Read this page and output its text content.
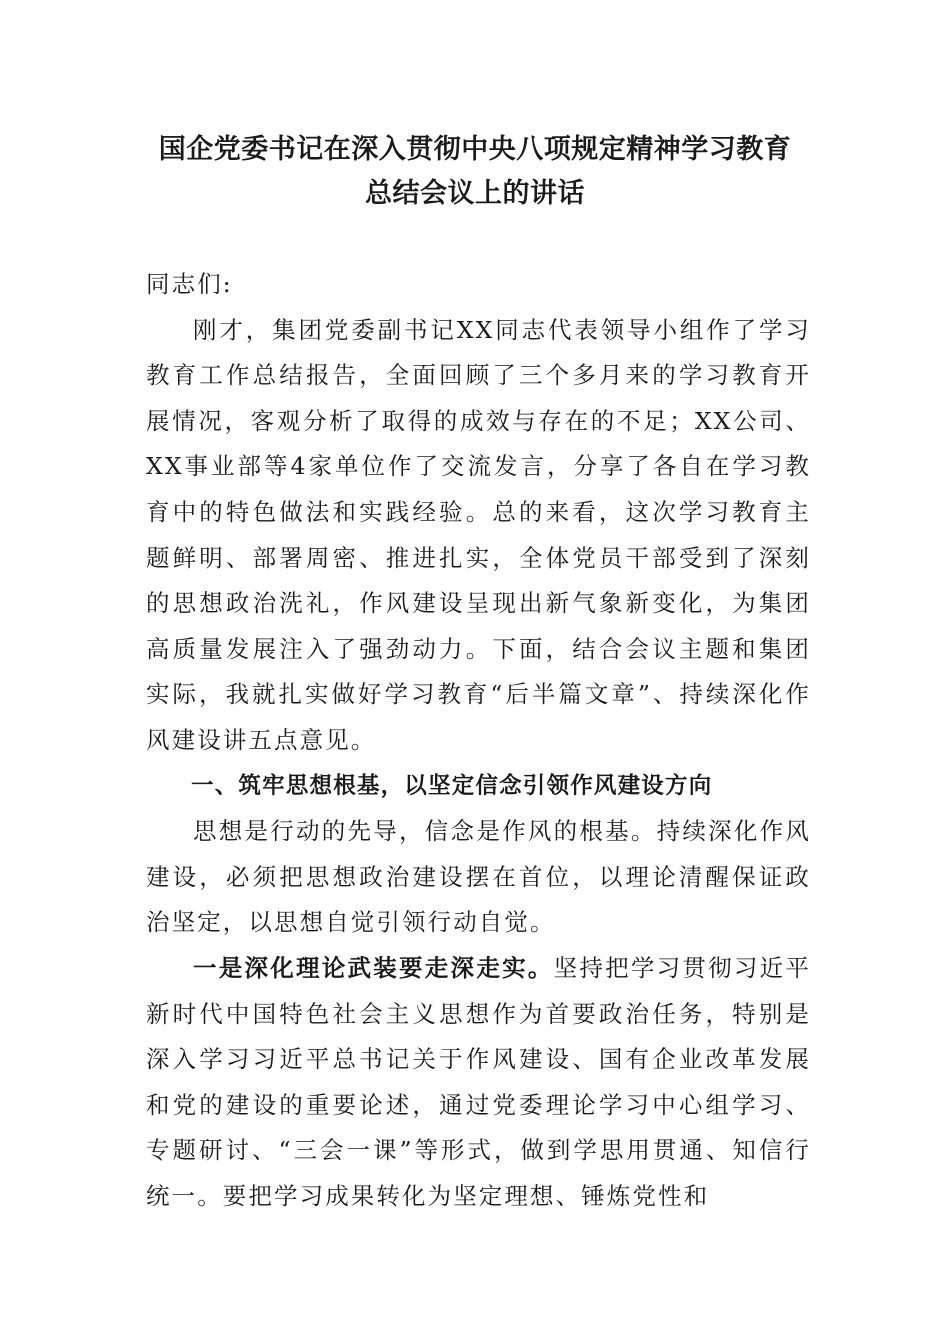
国企党委书记在深入贯彻中央八项规定精神学习教育
总结会议上的讲话

同志们:

刚才，集团党委副书记XX同志代表领导小组作了学习教育工作总结报告，全面回顾了三个多月来的学习教育开展情况，客观分析了取得的成效与存在的不足；XX公司、XX事业部等4家单位作了交流发言，分享了各自在学习教育中的特色做法和实践经验。总的来看，这次学习教育主题鲜明、部署周密、推进扎实，全体党员干部受到了深刻的思想政治洗礼，作风建设呈现出新气象新变化，为集团高质量发展注入了强劲动力。下面，结合会议主题和集团实际，我就扎实做好学习教育“后半篇文章”、持续深化作风建设讲五点意见。

一、筑牢思想根基，以坚定信念引领作风建设方向

思想是行动的先导，信念是作风的根基。持续深化作风建设，必须把思想政治建设摆在首位，以理论清醒保证政治坚定，以思想自觉引领行动自觉。

一是深化理论武装要走深走实。坚持把学习贯彻习近平新时代中国特色社会主义思想作为首要政治任务，特别是深入学习习近平总书记关于作风建设、国有企业改革发展和党的建设的重要论述，通过党委理论学习中心组学习、专题研讨、“三会一课”等形式，做到学思用贯通、知信行统一。要把学习成果转化为坚定理想、锤炼党性和
